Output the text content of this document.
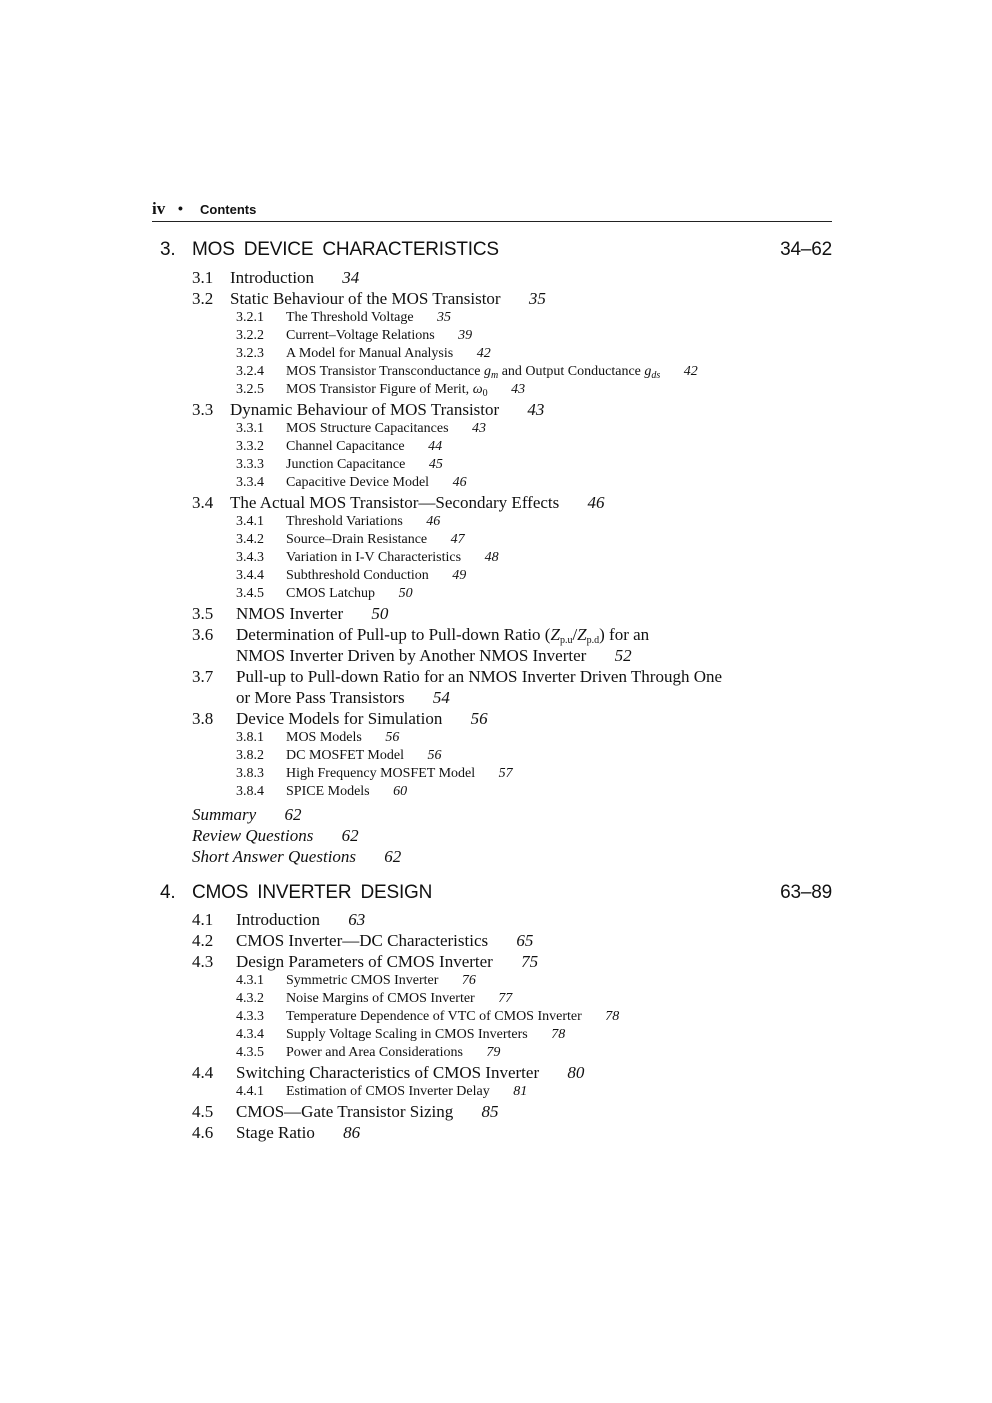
iv • Contents
3. MOS DEVICE CHARACTERISTICS	34–62
3.1 Introduction 34
3.2 Static Behaviour of the MOS Transistor 35
3.2.1 The Threshold Voltage 35
3.2.2 Current–Voltage Relations 39
3.2.3 A Model for Manual Analysis 42
3.2.4 MOS Transistor Transconductance $g_m$ and Output Conductance $g_{ds}$ 42
3.2.5 MOS Transistor Figure of Merit, $\omega_0$ 43
3.3 Dynamic Behaviour of MOS Transistor 43
3.3.1 MOS Structure Capacitances 43
3.3.2 Channel Capacitance 44
3.3.3 Junction Capacitance 45
3.3.4 Capacitive Device Model 46
3.4 The Actual MOS Transistor—Secondary Effects 46
3.4.1 Threshold Variations 46
3.4.2 Source–Drain Resistance 47
3.4.3 Variation in I-V Characteristics 48
3.4.4 Subthreshold Conduction 49
3.4.5 CMOS Latchup 50
3.5 NMOS Inverter 50
3.6 Determination of Pull-up to Pull-down Ratio $(Z_{p.u}/Z_{p.d})$ for an
NMOS Inverter Driven by Another NMOS Inverter 52
3.7 Pull-up to Pull-down Ratio for an NMOS Inverter Driven Through One
or More Pass Transistors 54
3.8 Device Models for Simulation 56
3.8.1 MOS Models 56
3.8.2 DC MOSFET Model 56
3.8.3 High Frequency MOSFET Model 57
3.8.4 SPICE Models 60
Summary 62
Review Questions 62
Short Answer Questions 62
4. CMOS INVERTER DESIGN	63–89
4.1 Introduction 63
4.2 CMOS Inverter—DC Characteristics 65
4.3 Design Parameters of CMOS Inverter 75
4.3.1 Symmetric CMOS Inverter 76
4.3.2 Noise Margins of CMOS Inverter 77
4.3.3 Temperature Dependence of VTC of CMOS Inverter 78
4.3.4 Supply Voltage Scaling in CMOS Inverters 78
4.3.5 Power and Area Considerations 79
4.4 Switching Characteristics of CMOS Inverter 80
4.4.1 Estimation of CMOS Inverter Delay 81
4.5 CMOS—Gate Transistor Sizing 85
4.6 Stage Ratio 86
